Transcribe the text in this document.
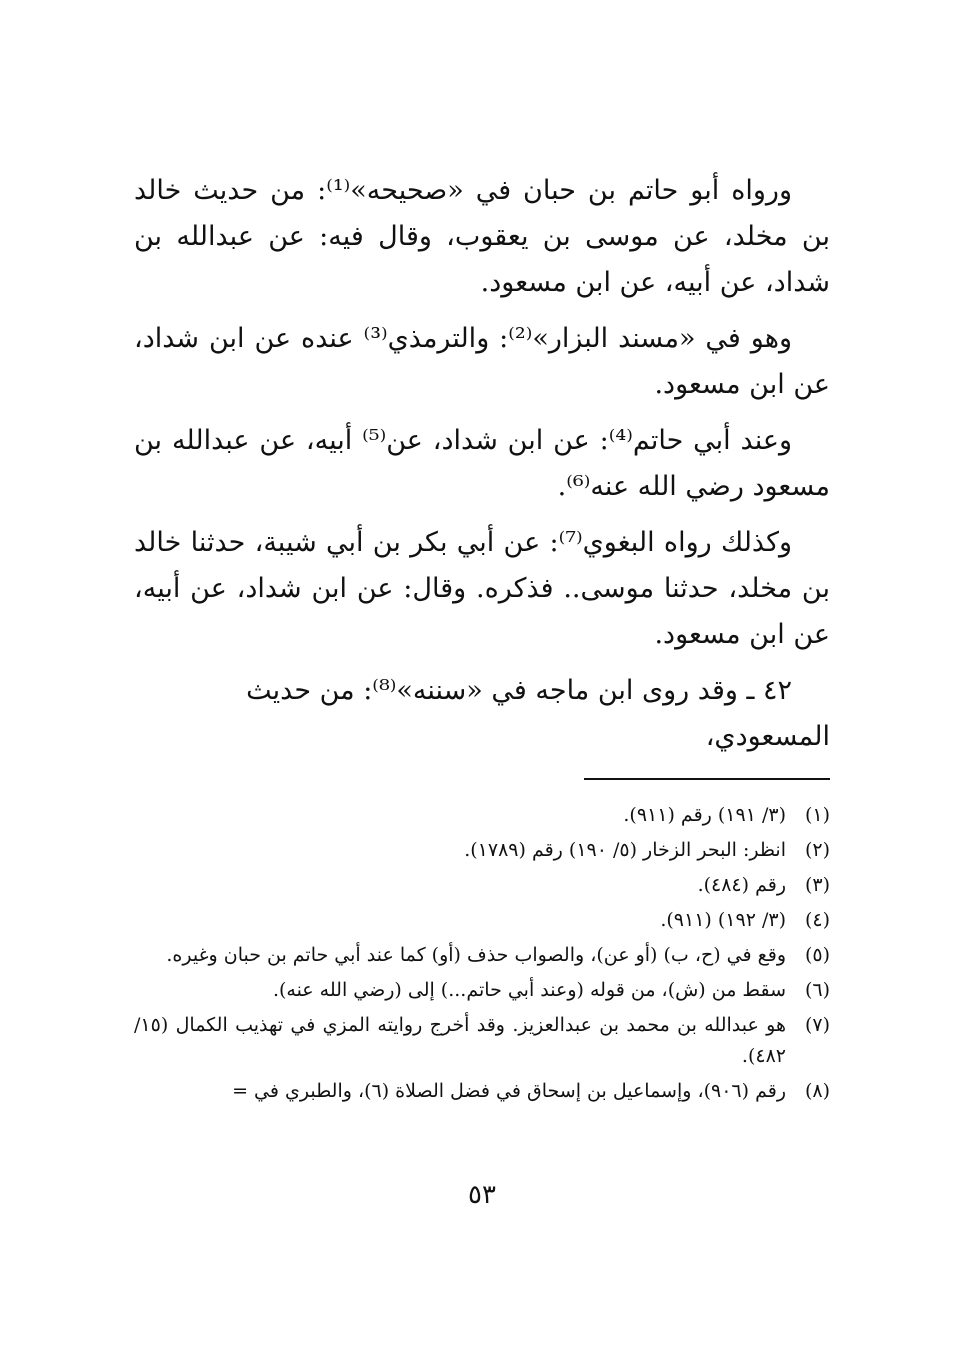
ورواه أبو حاتم بن حبان في «صحيحه»⁽¹⁾: من حديث خالد بن مخلد، عن موسى بن يعقوب، وقال فيه: عن عبدالله بن شداد، عن أبيه، عن ابن مسعود.

وهو في «مسند البزار»⁽²⁾: والترمذي⁽³⁾ عنده عن ابن شداد، عن ابن مسعود.

وعند أبي حاتم⁽⁴⁾: عن ابن شداد، عن⁽⁵⁾ أبيه، عن عبدالله بن مسعود رضي الله عنه⁽⁶⁾.

وكذلك رواه البغوي⁽⁷⁾: عن أبي بكر بن أبي شيبة، حدثنا خالد بن مخلد، حدثنا موسى.. فذكره. وقال: عن ابن شداد، عن أبيه، عن ابن مسعود.

٤٢ ـ وقد روى ابن ماجه في «سننه»⁽⁸⁾: من حديث المسعودي،

(١)
(٣/ ١٩١) رقم (٩١١).
(٢)
انظر: البحر الزخار (٥/ ١٩٠) رقم (١٧٨٩).
(٣)
رقم (٤٨٤).
(٤)
(٣/ ١٩٢) (٩١١).
(٥)
وقع في (ح، ب) (أو عن)، والصواب حذف (أو) كما عند أبي حاتم بن حبان وغيره.
(٦)
سقط من (ش)، من قوله (وعند أبي حاتم...) إلى (رضي الله عنه).
(٧)
هو عبدالله بن محمد بن عبدالعزيز. وقد أخرج روايته المزي في تهذيب الكمال (١٥/ ٤٨٢).
(٨)
رقم (٩٠٦)، وإسماعيل بن إسحاق في فضل الصلاة (٦)، والطبري في =
٥٣
